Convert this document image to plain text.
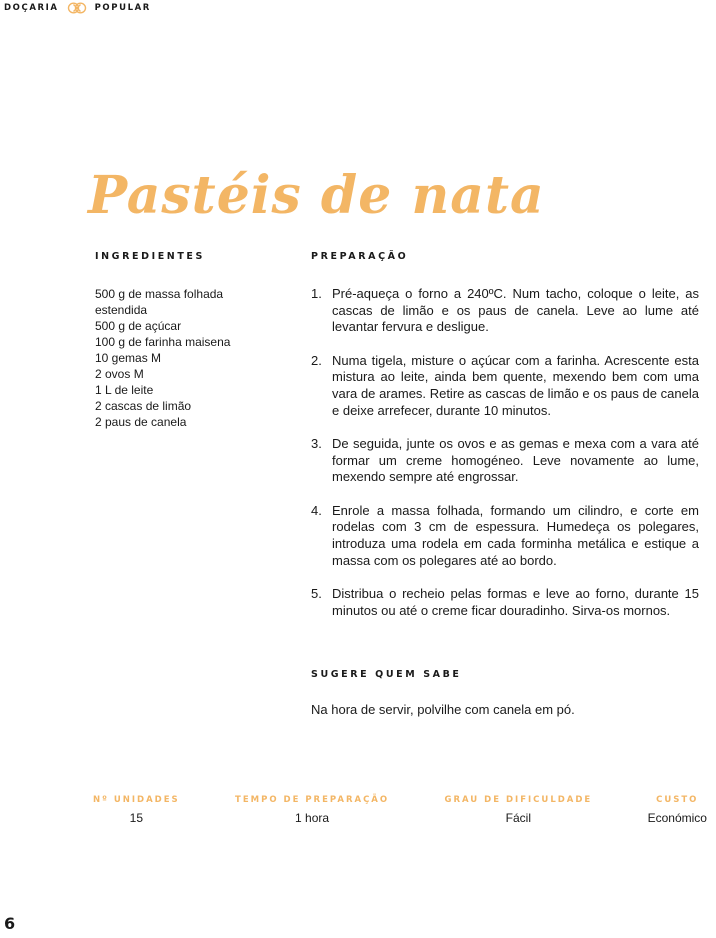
DOÇARIA	POPULAR
Pastéis de nata
INGREDIENTES
500 g de massa folhada
estendida
500 g de açúcar
100 g de farinha maisena
10 gemas M
2 ovos M
1 L de leite
2 cascas de limão
2 paus de canela
PREPARAÇÃO
1. Pré-aqueça o forno a 240ºC. Num tacho, coloque o leite, as cascas de limão e os paus de canela. Leve ao lume até levantar fervura e desligue.
2. Numa tigela, misture o açúcar com a farinha. Acrescente esta mistura ao leite, ainda bem quente, mexendo bem com uma vara de arames. Retire as cascas de limão e os paus de canela e deixe arrefecer, durante 10 minutos.
3. De seguida, junte os ovos e as gemas e mexa com a vara até formar um creme homogéneo. Leve novamente ao lume, mexendo sempre até engrossar.
4. Enrole a massa folhada, formando um cilindro, e corte em rodelas com 3 cm de espessura. Humedeça os polegares, introduza uma rodela em cada forminha metálica e estique a massa com os polegares até ao bordo.
5. Distribua o recheio pelas formas e leve ao forno, durante 15 minutos ou até o creme ficar douradinho. Sirva-os mornos.
SUGERE QUEM SABE

Na hora de servir, polvilhe com canela em pó.

Nº UNIDADES

15

TEMPO DE PREPARAÇÃO

1 hora

GRAU DE DIFICULDADE

Fácil

CUSTO

Económico

6
